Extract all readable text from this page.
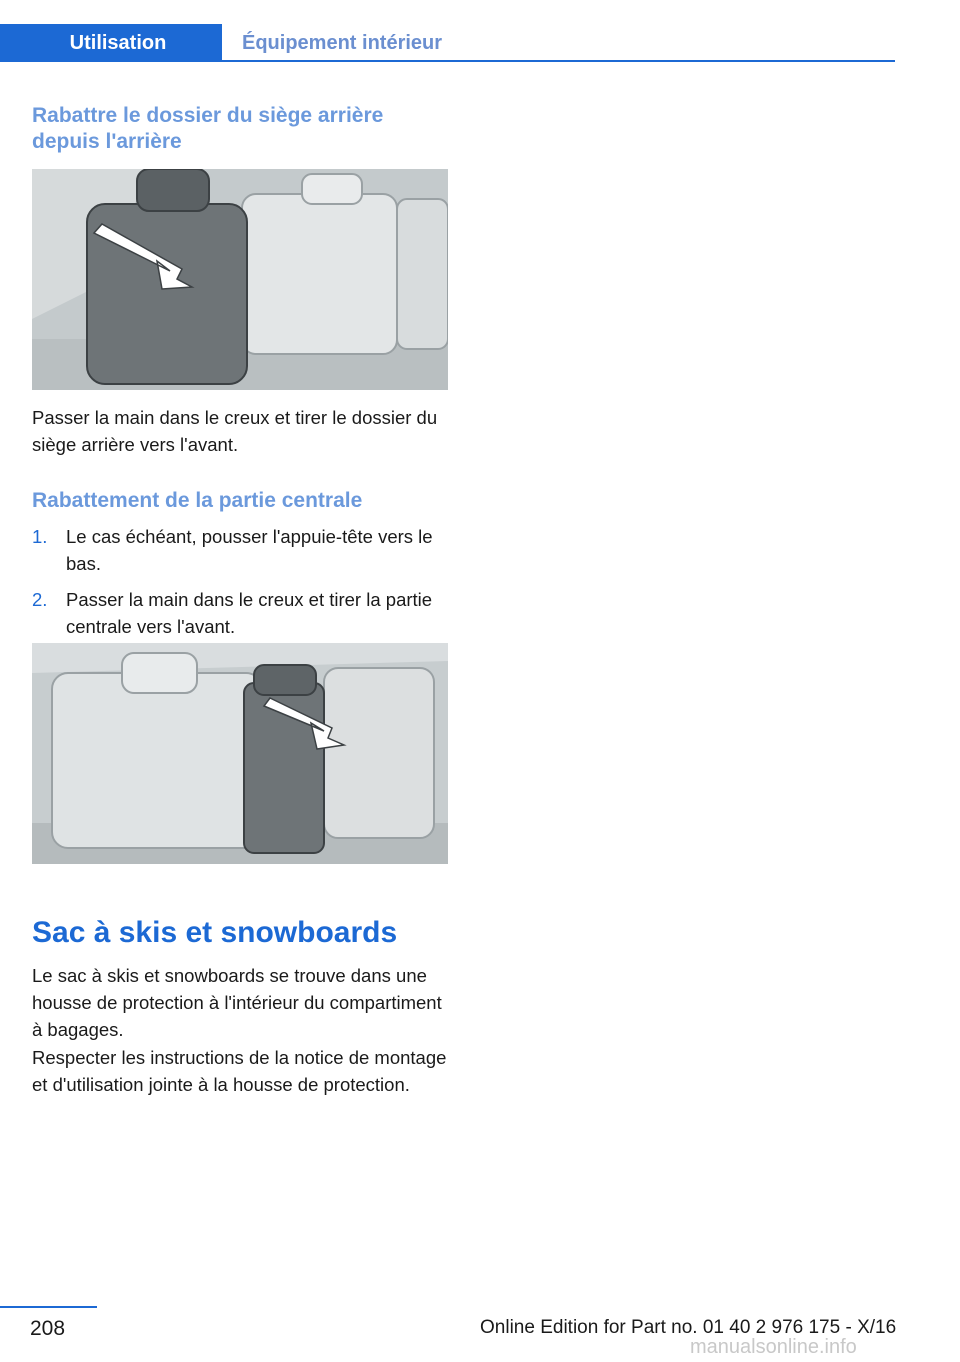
Utilisation	Équipement intérieur
Rabattre le dossier du siège arrière depuis l'arrière

Passer la main dans le creux et tirer le dossier du siège arrière vers l'avant.

Rabattement de la partie centrale
1. Le cas échéant, pousser l'appuie-tête vers le bas.
2. Passer la main dans le creux et tirer la partie centrale vers l'avant.
Sac à skis et snowboards

Le sac à skis et snowboards se trouve dans une housse de protection à l'intérieur du compartiment à bagages.

Respecter les instructions de la notice de montage et d'utilisation jointe à la housse de protection.

208	Online Edition for Part no. 01 40 2 976 175 - X/16
manualsonline.info
